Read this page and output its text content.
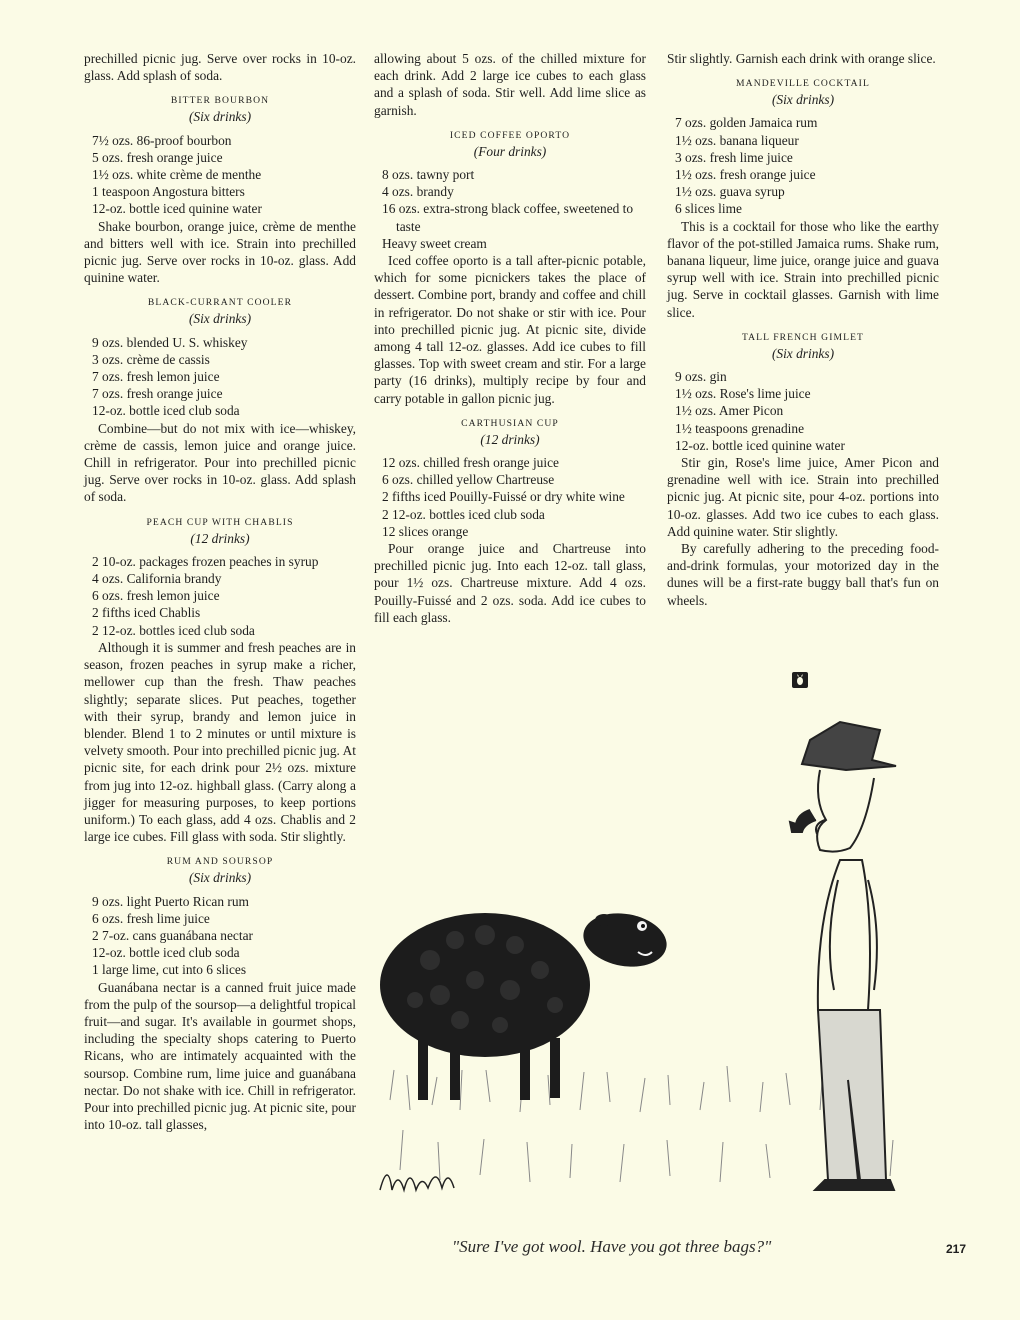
prechilled picnic jug. Serve over rocks in 10-oz. glass. Add splash of soda.

BITTER BOURBON
(Six drinks)
7½ ozs. 86-proof bourbon
5 ozs. fresh orange juice
1½ ozs. white crème de menthe
1 teaspoon Angostura bitters
12-oz. bottle iced quinine water

Shake bourbon, orange juice, crème de menthe and bitters well with ice. Strain into prechilled picnic jug. Serve over rocks in 10-oz. glass. Add quinine water.

BLACK-CURRANT COOLER
(Six drinks)
9 ozs. blended U. S. whiskey
3 ozs. crème de cassis
7 ozs. fresh lemon juice
7 ozs. fresh orange juice
12-oz. bottle iced club soda

Combine—but do not mix with ice—whiskey, crème de cassis, lemon juice and orange juice. Chill in refrigerator. Pour into prechilled picnic jug. Serve over rocks in 10-oz. glass. Add splash of soda.

PEACH CUP WITH CHABLIS
(12 drinks)
2 10-oz. packages frozen peaches in syrup
4 ozs. California brandy
6 ozs. fresh lemon juice
2 fifths iced Chablis
2 12-oz. bottles iced club soda

Although it is summer and fresh peaches are in season, frozen peaches in syrup make a richer, mellower cup than the fresh. Thaw peaches slightly; separate slices. Put peaches, together with their syrup, brandy and lemon juice in blender. Blend 1 to 2 minutes or until mixture is velvety smooth. Pour into prechilled picnic jug. At picnic site, for each drink pour 2½ ozs. mixture from jug into 12-oz. highball glass. (Carry along a jigger for measuring purposes, to keep portions uniform.) To each glass, add 4 ozs. Chablis and 2 large ice cubes. Fill glass with soda. Stir slightly.

RUM AND SOURSOP
(Six drinks)
9 ozs. light Puerto Rican rum
6 ozs. fresh lime juice
2 7-oz. cans guanábana nectar
12-oz. bottle iced club soda
1 large lime, cut into 6 slices

Guanábana nectar is a canned fruit juice made from the pulp of the soursop—a delightful tropical fruit—and sugar. It's available in gourmet shops, including the specialty shops catering to Puerto Ricans, who are intimately acquainted with the soursop. Combine rum, lime juice and guanábana nectar. Do not shake with ice. Chill in refrigerator. Pour into prechilled picnic jug. At picnic site, pour into 10-oz. tall glasses,

allowing about 5 ozs. of the chilled mixture for each drink. Add 2 large ice cubes to each glass and a splash of soda. Stir well. Add lime slice as garnish.

ICED COFFEE OPORTO
(Four drinks)
8 ozs. tawny port
4 ozs. brandy
16 ozs. extra-strong black coffee, sweetened to taste
Heavy sweet cream

Iced coffee oporto is a tall after-picnic potable, which for some picnickers takes the place of dessert. Combine port, brandy and coffee and chill in refrigerator. Do not shake or stir with ice. Pour into prechilled picnic jug. At picnic site, divide among 4 tall 12-oz. glasses. Add ice cubes to fill glasses. Top with sweet cream and stir. For a large party (16 drinks), multiply recipe by four and carry potable in gallon picnic jug.

CARTHUSIAN CUP
(12 drinks)
12 ozs. chilled fresh orange juice
6 ozs. chilled yellow Chartreuse
2 fifths iced Pouilly-Fuissé or dry white wine
2 12-oz. bottles iced club soda
12 slices orange

Pour orange juice and Chartreuse into prechilled picnic jug. Into each 12-oz. tall glass, pour 1½ ozs. Chartreuse mixture. Add 4 ozs. Pouilly-Fuissé and 2 ozs. soda. Add ice cubes to fill each glass.

Stir slightly. Garnish each drink with orange slice.

MANDEVILLE COCKTAIL
(Six drinks)
7 ozs. golden Jamaica rum
1½ ozs. banana liqueur
3 ozs. fresh lime juice
1½ ozs. fresh orange juice
1½ ozs. guava syrup
6 slices lime

This is a cocktail for those who like the earthy flavor of the pot-stilled Jamaica rums. Shake rum, banana liqueur, lime juice, orange juice and guava syrup well with ice. Strain into prechilled picnic jug. Serve in cocktail glasses. Garnish with lime slice.

TALL FRENCH GIMLET
(Six drinks)
9 ozs. gin
1½ ozs. Rose's lime juice
1½ ozs. Amer Picon
1½ teaspoons grenadine
12-oz. bottle iced quinine water

Stir gin, Rose's lime juice, Amer Picon and grenadine well with ice. Strain into prechilled picnic jug. At picnic site, pour 4-oz. portions into 10-oz. glasses. Add two ice cubes to each glass. Add quinine water. Stir slightly.

By carefully adhering to the preceding food-and-drink formulas, your motorized day in the dunes will be a first-rate buggy ball that's fun on wheels.

"Sure I've got wool. Have you got three bags?"	217
